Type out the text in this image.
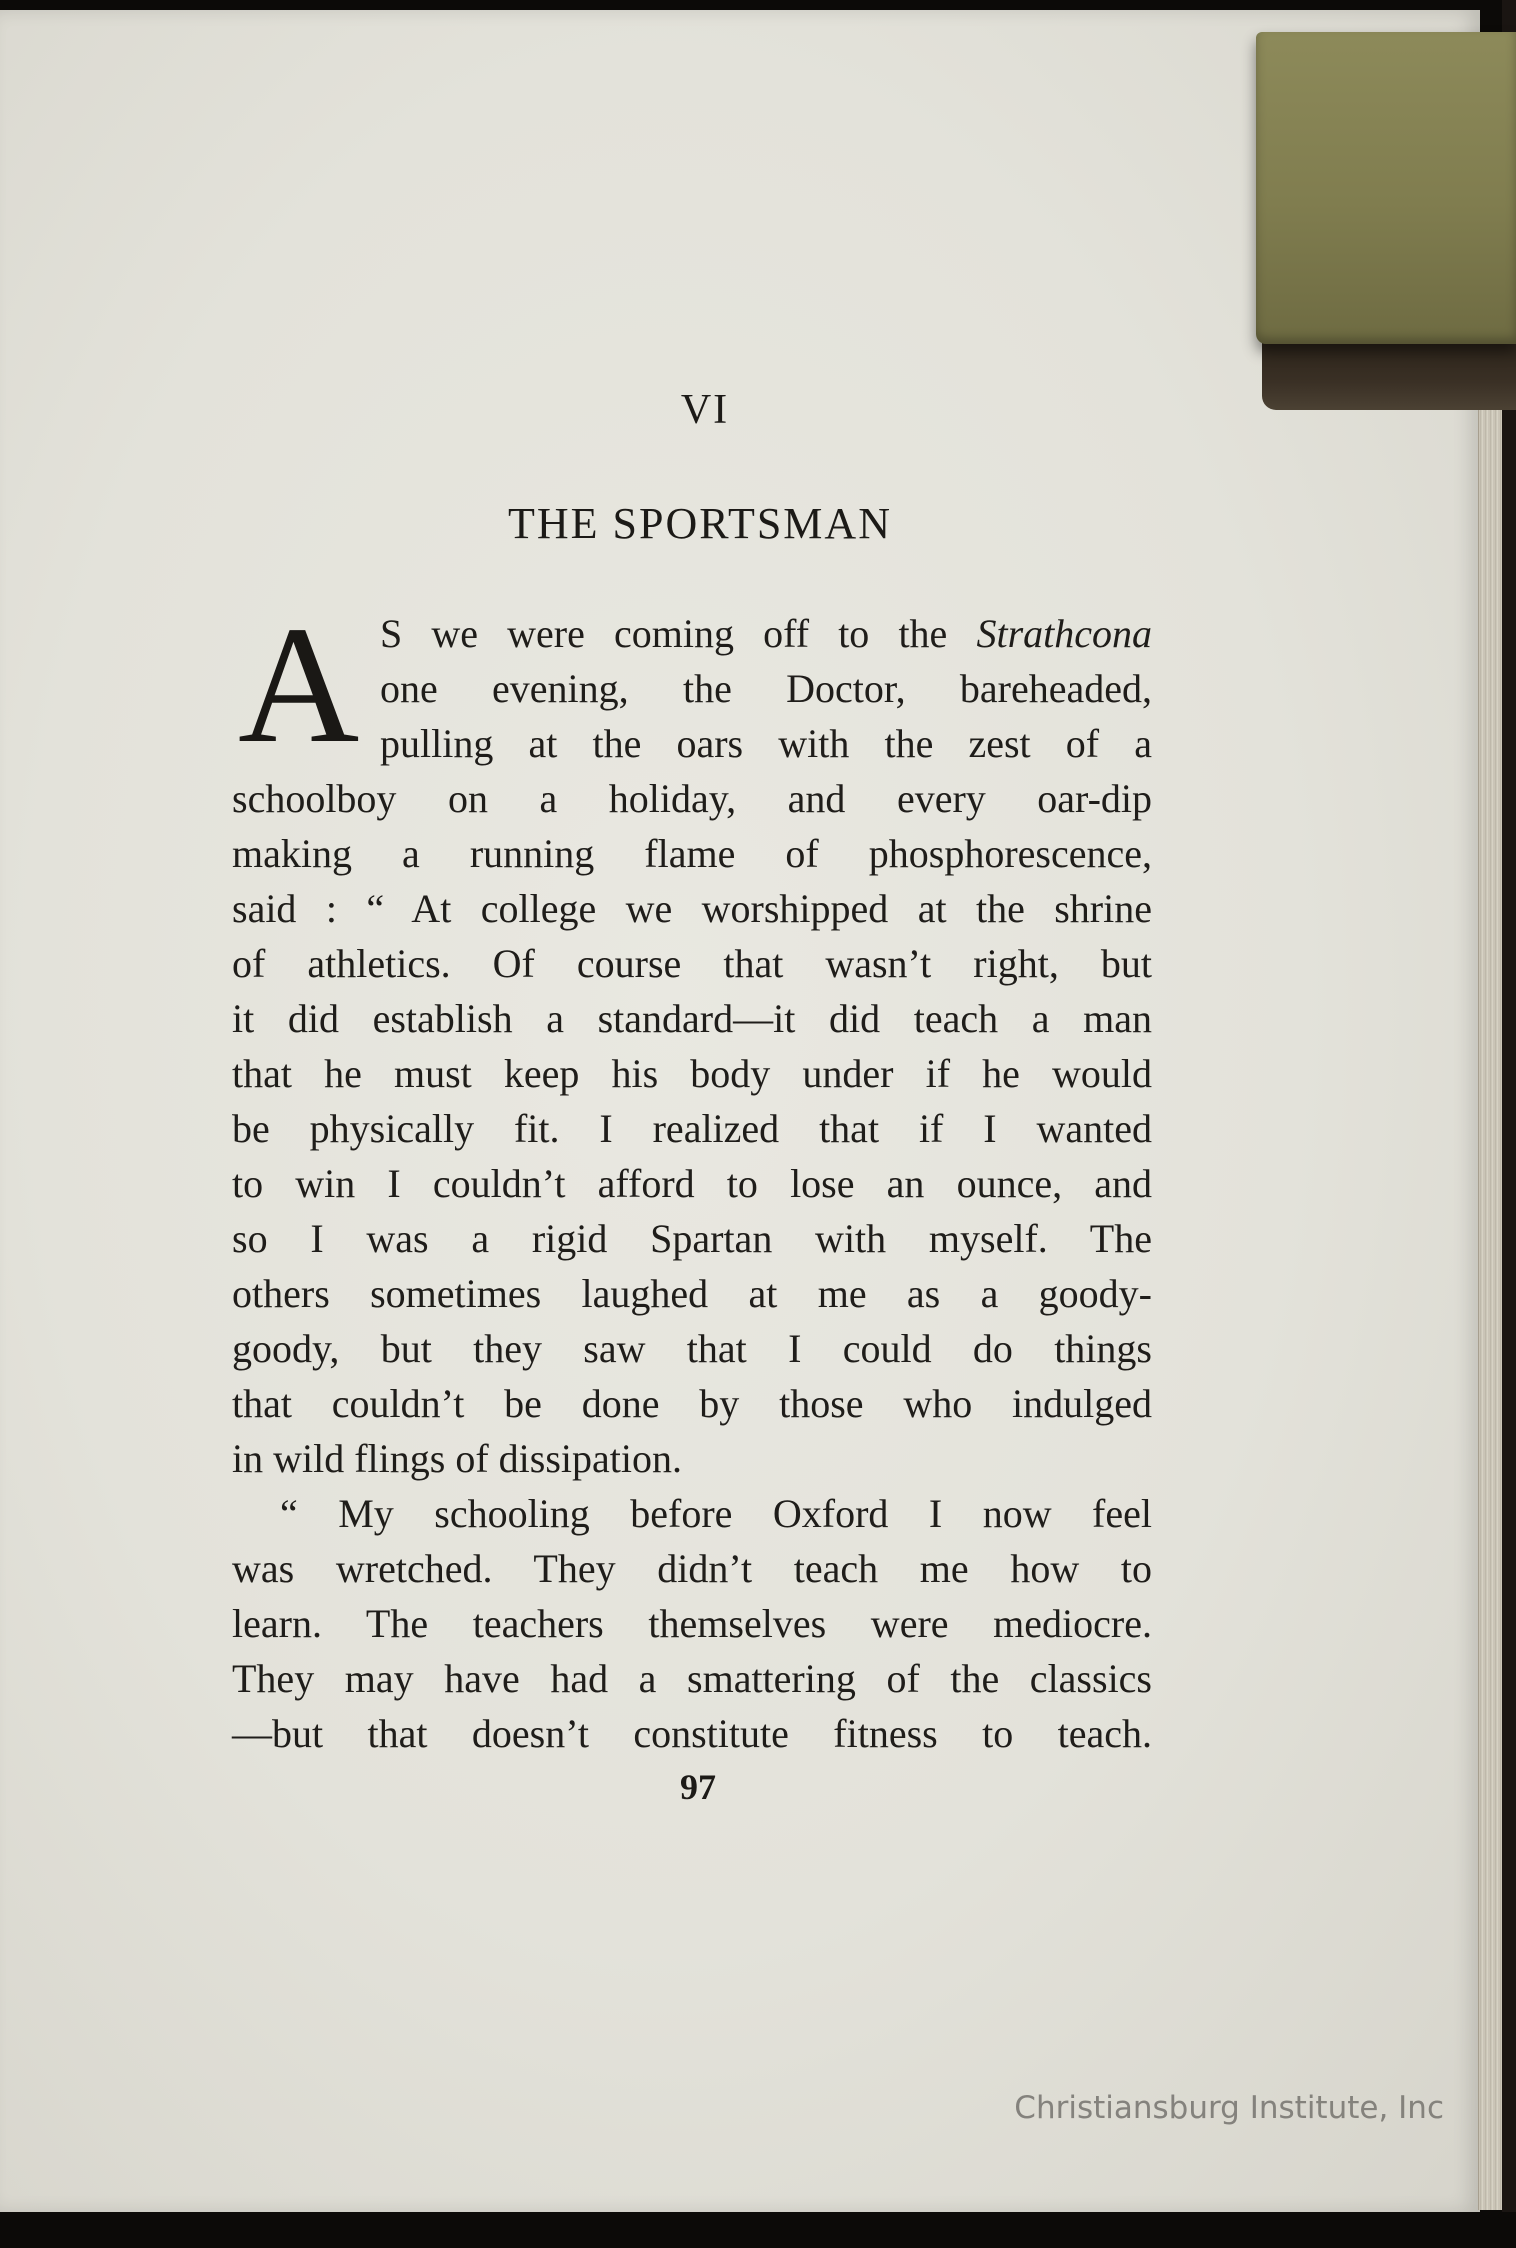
VI
THE SPORTSMAN
A S we were coming off to the Strathcona
one evening, the Doctor, bareheaded,
pulling at the oars with the zest of a
schoolboy on a holiday, and every oar-dip
making a running flame of phosphorescence,
said : “ At college we worshipped at the shrine
of athletics. Of course that wasn’t right, but
it did establish a standard—it did teach a man
that he must keep his body under if he would
be physically fit. I realized that if I wanted
to win I couldn’t afford to lose an ounce, and
so I was a rigid Spartan with myself. The
others sometimes laughed at me as a goody-
goody, but they saw that I could do things
that couldn’t be done by those who indulged
in wild flings of dissipation.
“ My schooling before Oxford I now feel
was wretched. They didn’t teach me how to
learn. The teachers themselves were mediocre.
They may have had a smattering of the classics
—but that doesn’t constitute fitness to teach.
97
Christiansburg Institute, Inc
